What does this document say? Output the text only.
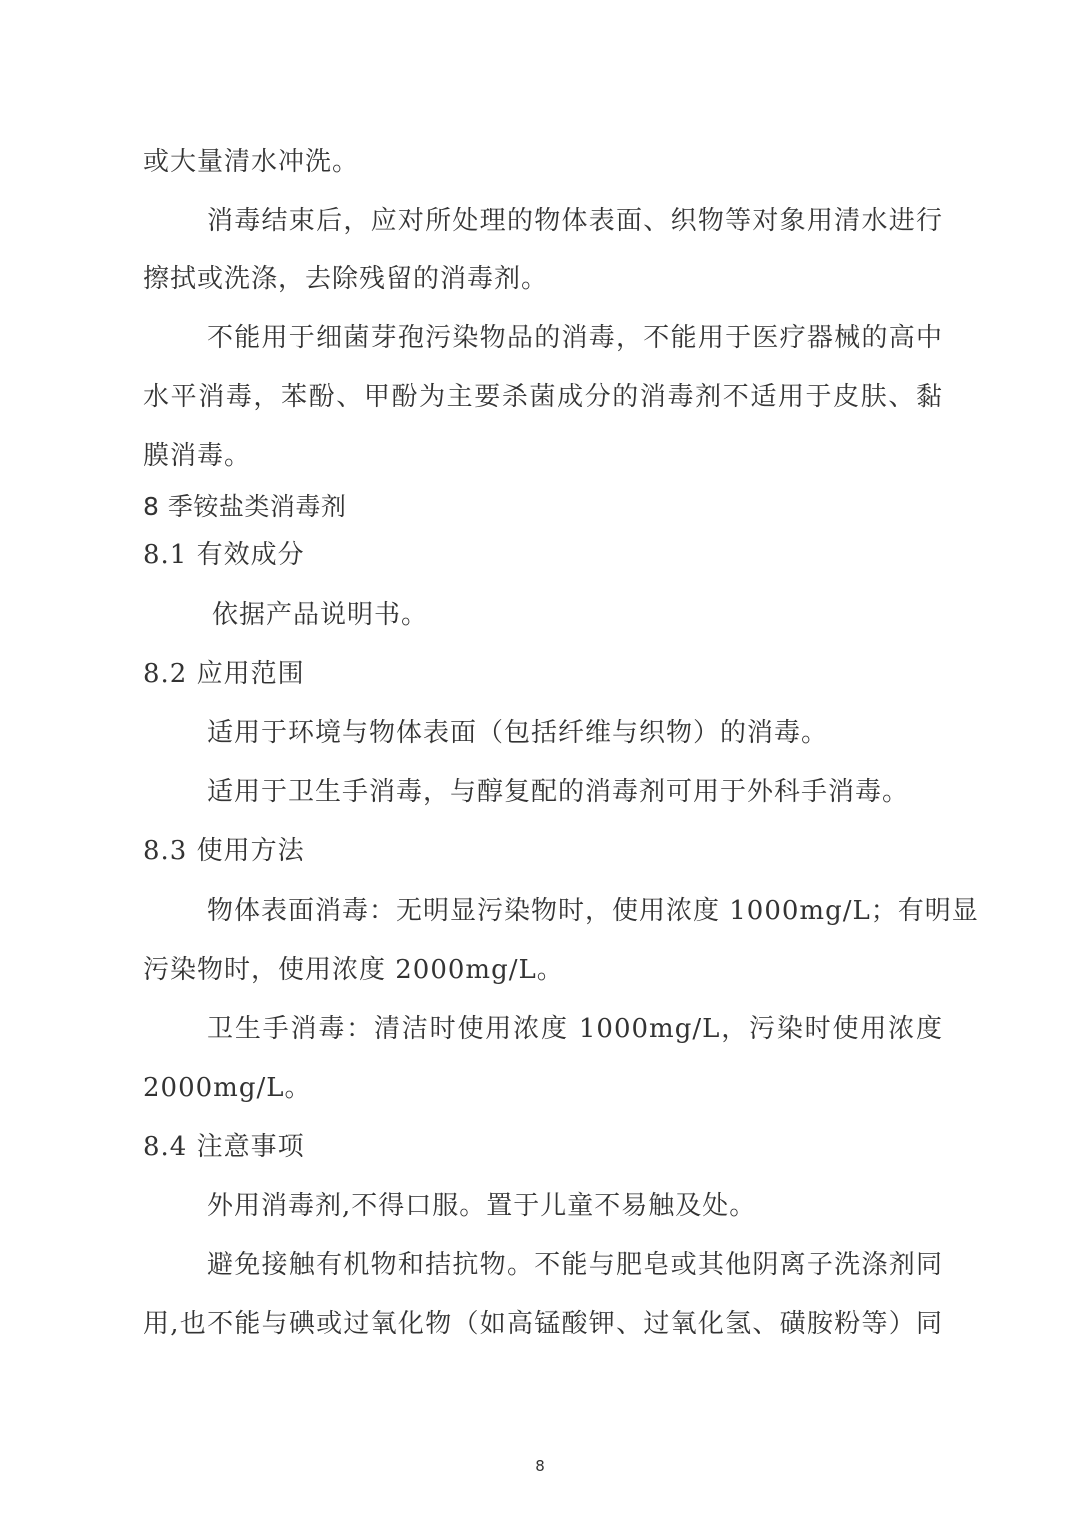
或大量清水冲洗。
消毒结束后，应对所处理的物体表面、织物等对象用清水进行
擦拭或洗涤，去除残留的消毒剂。
不能用于细菌芽孢污染物品的消毒，不能用于医疗器械的高中
水平消毒，苯酚、甲酚为主要杀菌成分的消毒剂不适用于皮肤、黏
膜消毒。
8 季铵盐类消毒剂
8.1 有效成分
依据产品说明书。
8.2 应用范围
适用于环境与物体表面（包括纤维与织物）的消毒。
适用于卫生手消毒，与醇复配的消毒剂可用于外科手消毒。
8.3 使用方法
物体表面消毒：无明显污染物时，使用浓度 1000mg/L；有明显
污染物时，使用浓度 2000mg/L。
卫生手消毒：清洁时使用浓度 1000mg/L，污染时使用浓度
2000mg/L。
8.4 注意事项
外用消毒剂,不得口服。置于儿童不易触及处。
避免接触有机物和拮抗物。不能与肥皂或其他阴离子洗涤剂同
用,也不能与碘或过氧化物（如高锰酸钾、过氧化氢、磺胺粉等）同
8
